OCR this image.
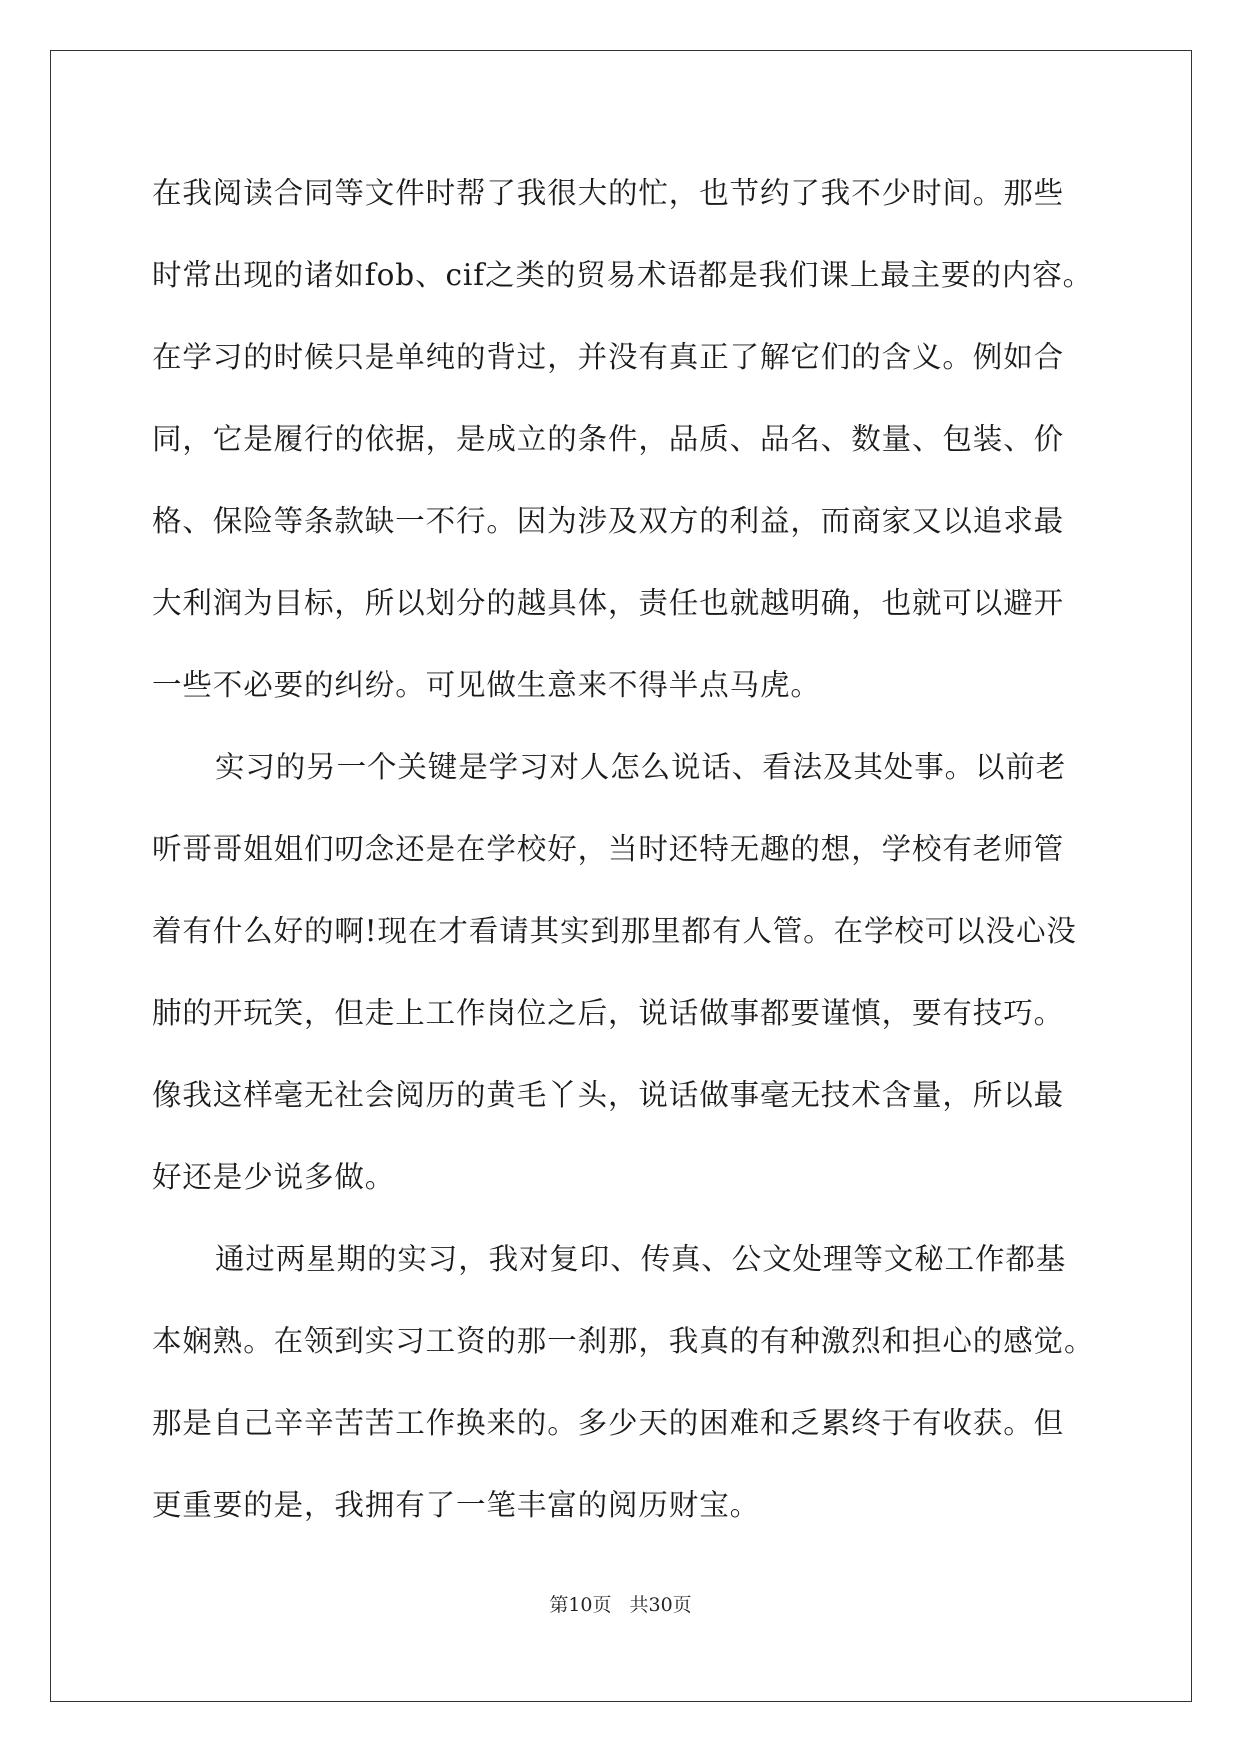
在我阅读合同等文件时帮了我很大的忙，也节约了我不少时间。那些
时常出现的诸如fob、cif之类的贸易术语都是我们课上最主要的内容。
在学习的时候只是单纯的背过，并没有真正了解它们的含义。例如合
同，它是履行的依据，是成立的条件，品质、品名、数量、包装、价
格、保险等条款缺一不行。因为涉及双方的利益，而商家又以追求最
大利润为目标，所以划分的越具体，责任也就越明确，也就可以避开
一些不必要的纠纷。可见做生意来不得半点马虎。
实习的另一个关键是学习对人怎么说话、看法及其处事。以前老
听哥哥姐姐们叨念还是在学校好，当时还特无趣的想，学校有老师管
着有什么好的啊!现在才看请其实到那里都有人管。在学校可以没心没
肺的开玩笑，但走上工作岗位之后，说话做事都要谨慎，要有技巧。
像我这样毫无社会阅历的黄毛丫头，说话做事毫无技术含量，所以最
好还是少说多做。
通过两星期的实习，我对复印、传真、公文处理等文秘工作都基
本娴熟。在领到实习工资的那一刹那，我真的有种激烈和担心的感觉。
那是自己辛辛苦苦工作换来的。多少天的困难和乏累终于有收获。但
更重要的是，我拥有了一笔丰富的阅历财宝。
第10页 共30页
